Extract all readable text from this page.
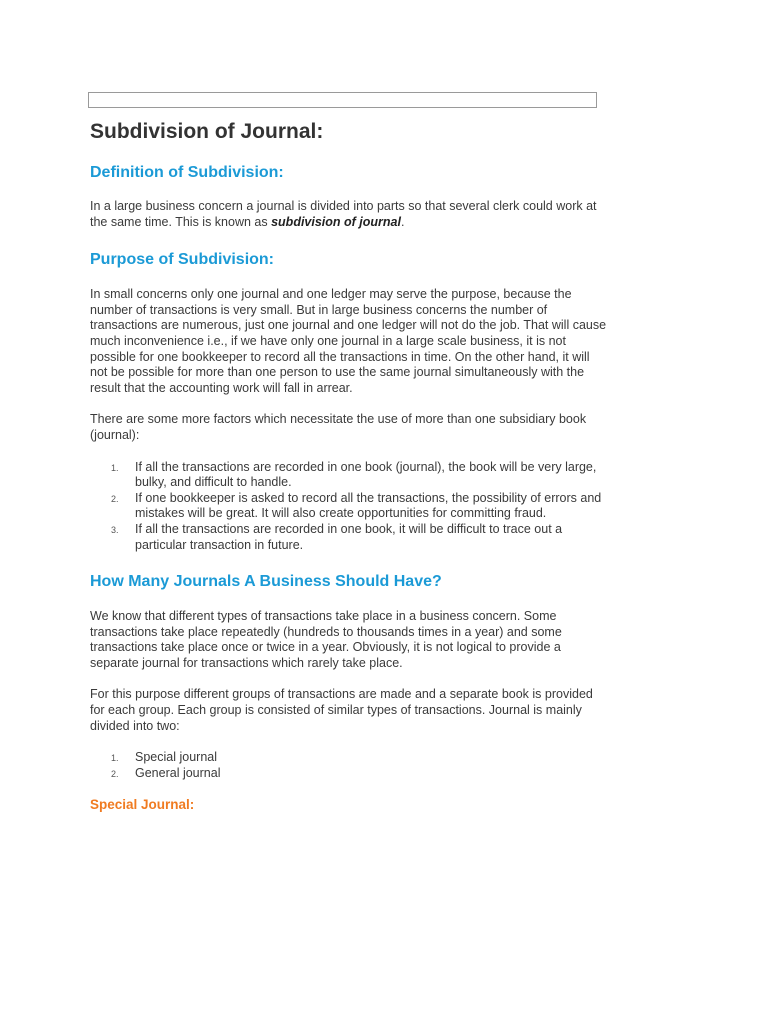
Subdivision of Journal:
Definition of Subdivision:

In a large business concern a journal is divided into parts so that several clerk could work at the same time. This is known as subdivision of journal.

Purpose of Subdivision:

In small concerns only one journal and one ledger may serve the purpose, because the number of transactions is very small. But in large business concerns the number of transactions are numerous, just one journal and one ledger will not do the job. That will cause much inconvenience i.e., if we have only one journal in a large scale business, it is not possible for one bookkeeper to record all the transactions in time. On the other hand, it will not be possible for more than one person to use the same journal simultaneously with the result that the accounting work will fall in arrear.

There are some more factors which necessitate the use of more than one subsidiary book (journal):

1. If all the transactions are recorded in one book (journal), the book will be very large, bulky, and difficult to handle.
2. If one bookkeeper is asked to record all the transactions, the possibility of errors and mistakes will be great. It will also create opportunities for committing fraud.
3. If all the transactions are recorded in one book, it will be difficult to trace out a particular transaction in future.
How Many Journals A Business Should Have?

We know that different types of transactions take place in a business concern. Some transactions take place repeatedly (hundreds to thousands times in a year) and some transactions take place once or twice in a year. Obviously, it is not logical to provide a separate journal for transactions which rarely take place.

For this purpose different groups of transactions are made and a separate book is provided for each group. Each group is consisted of similar types of transactions. Journal is mainly divided into two:

1. Special journal
2. General journal
Special Journal:
